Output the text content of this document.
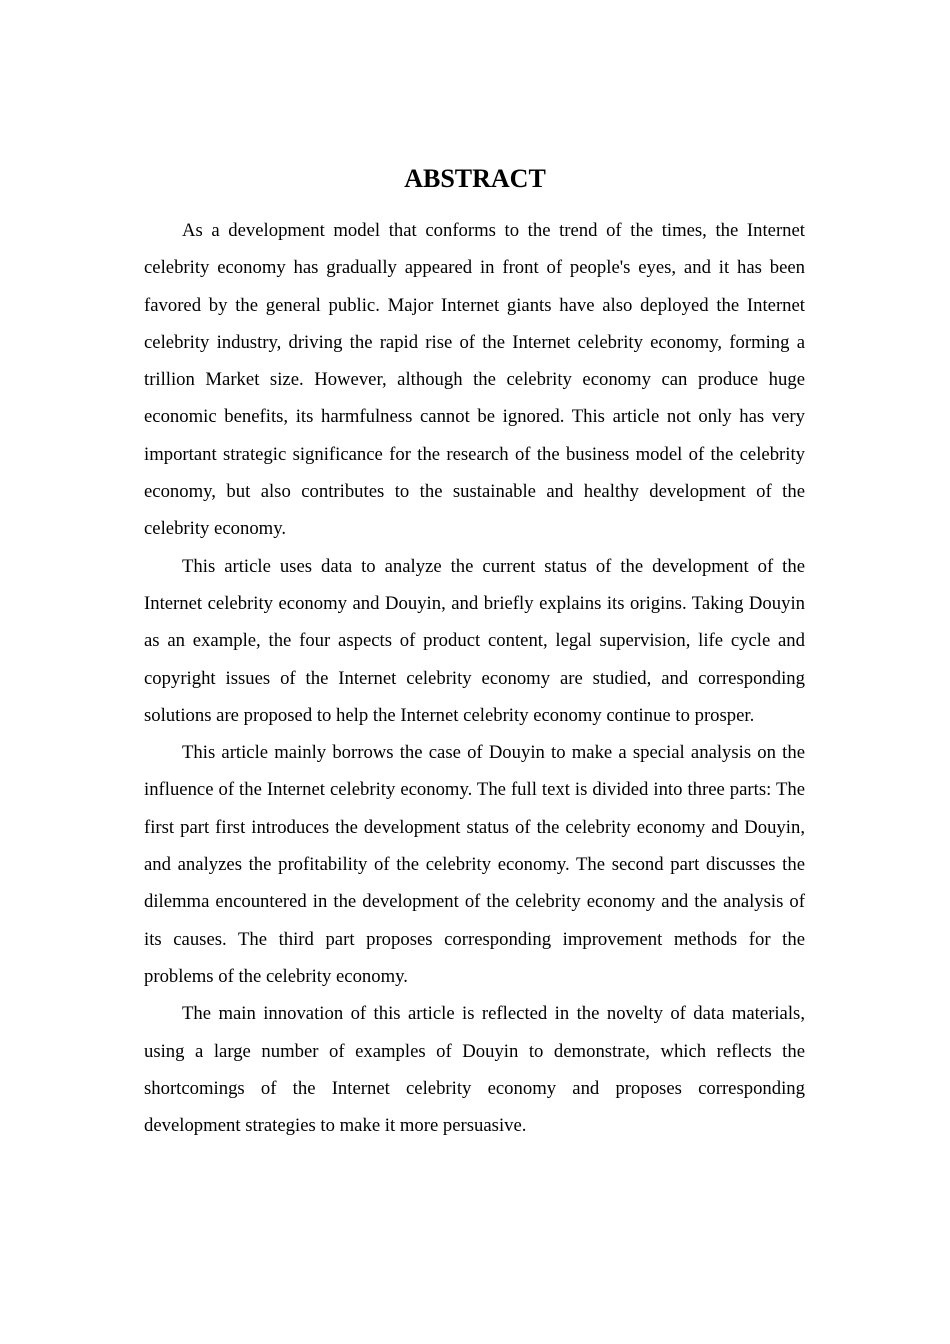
ABSTRACT

As a development model that conforms to the trend of the times, the Internet celebrity economy has gradually appeared in front of people's eyes, and it has been favored by the general public. Major Internet giants have also deployed the Internet celebrity industry, driving the rapid rise of the Internet celebrity economy, forming a trillion Market size. However, although the celebrity economy can produce huge economic benefits, its harmfulness cannot be ignored. This article not only has very important strategic significance for the research of the business model of the celebrity economy, but also contributes to the sustainable and healthy development of the celebrity economy.

This article uses data to analyze the current status of the development of the Internet celebrity economy and Douyin, and briefly explains its origins. Taking Douyin as an example, the four aspects of product content, legal supervision, life cycle and copyright issues of the Internet celebrity economy are studied, and corresponding solutions are proposed to help the Internet celebrity economy continue to prosper.

This article mainly borrows the case of Douyin to make a special analysis on the influence of the Internet celebrity economy. The full text is divided into three parts: The first part first introduces the development status of the celebrity economy and Douyin, and analyzes the profitability of the celebrity economy. The second part discusses the dilemma encountered in the development of the celebrity economy and the analysis of its causes. The third part proposes corresponding improvement methods for the problems of the celebrity economy.

The main innovation of this article is reflected in the novelty of data materials, using a large number of examples of Douyin to demonstrate, which reflects the shortcomings of the Internet celebrity economy and proposes corresponding development strategies to make it more persuasive.
